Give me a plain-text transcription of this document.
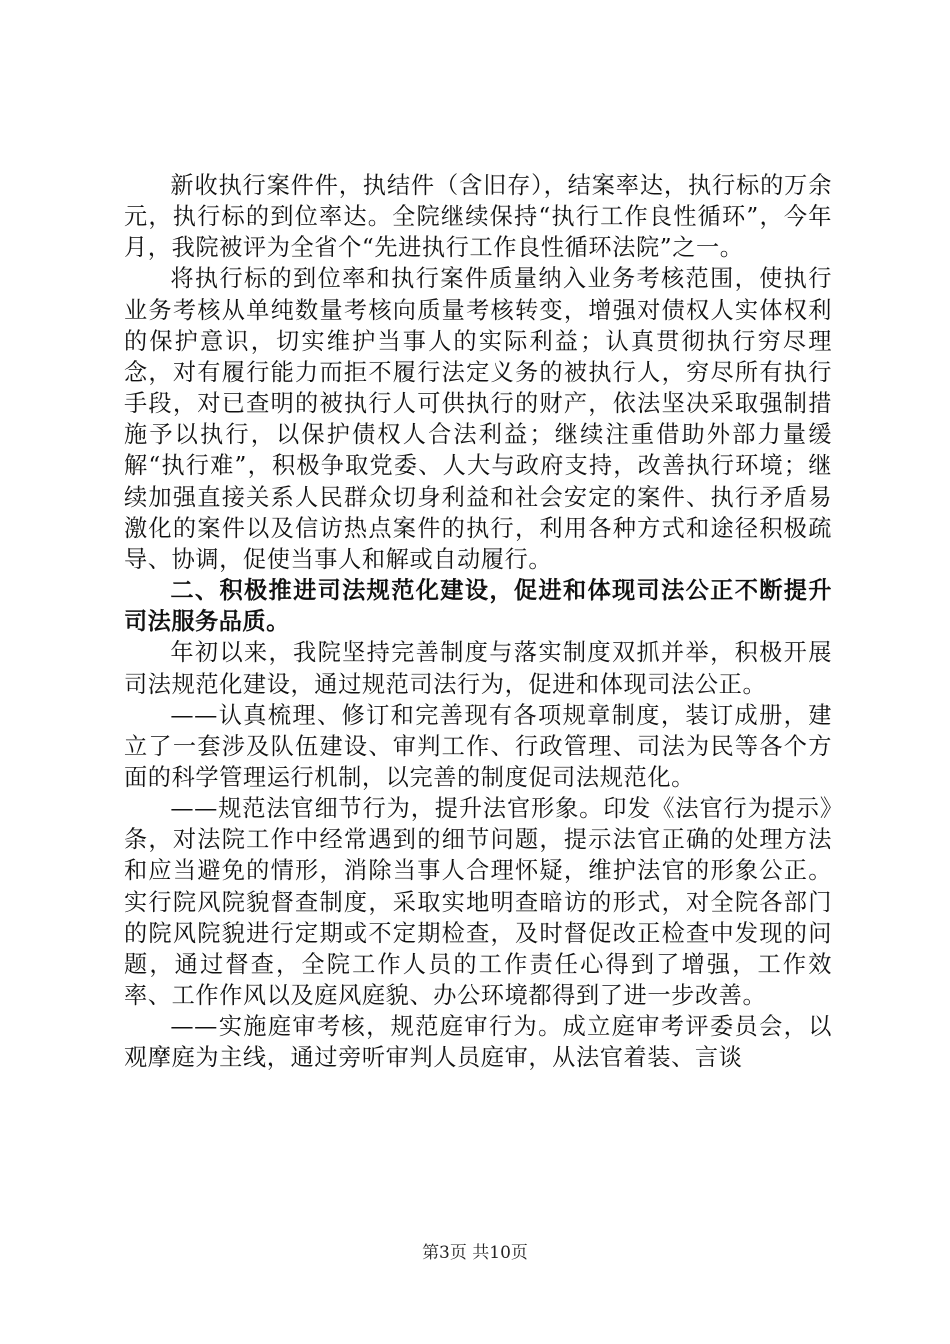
新收执行案件件，执结件（含旧存），结案率达，执行标的万余元，执行标的到位率达。全院继续保持“执行工作良性循环”，今年月，我院被评为全省个“先进执行工作良性循环法院”之一。

将执行标的到位率和执行案件质量纳入业务考核范围，使执行业务考核从单纯数量考核向质量考核转变，增强对债权人实体权利的保护意识，切实维护当事人的实际利益；认真贯彻执行穷尽理念，对有履行能力而拒不履行法定义务的被执行人，穷尽所有执行手段，对已查明的被执行人可供执行的财产，依法坚决采取强制措施予以执行，以保护债权人合法利益；继续注重借助外部力量缓解“执行难”，积极争取党委、人大与政府支持，改善执行环境；继续加强直接关系人民群众切身利益和社会安定的案件、执行矛盾易激化的案件以及信访热点案件的执行，利用各种方式和途径积极疏导、协调，促使当事人和解或自动履行。

二、积极推进司法规范化建设，促进和体现司法公正不断提升司法服务品质。

年初以来，我院坚持完善制度与落实制度双抓并举，积极开展司法规范化建设，通过规范司法行为，促进和体现司法公正。

——认真梳理、修订和完善现有各项规章制度，装订成册，建立了一套涉及队伍建设、审判工作、行政管理、司法为民等各个方面的科学管理运行机制，以完善的制度促司法规范化。

——规范法官细节行为，提升法官形象。印发《法官行为提示》条，对法院工作中经常遇到的细节问题，提示法官正确的处理方法和应当避免的情形，消除当事人合理怀疑，维护法官的形象公正。实行院风院貌督查制度，采取实地明查暗访的形式，对全院各部门的院风院貌进行定期或不定期检查，及时督促改正检查中发现的问题，通过督查，全院工作人员的工作责任心得到了增强，工作效率、工作作风以及庭风庭貌、办公环境都得到了进一步改善。

——实施庭审考核，规范庭审行为。成立庭审考评委员会，以观摩庭为主线，通过旁听审判人员庭审，从法官着装、言谈

第3页 共10页
